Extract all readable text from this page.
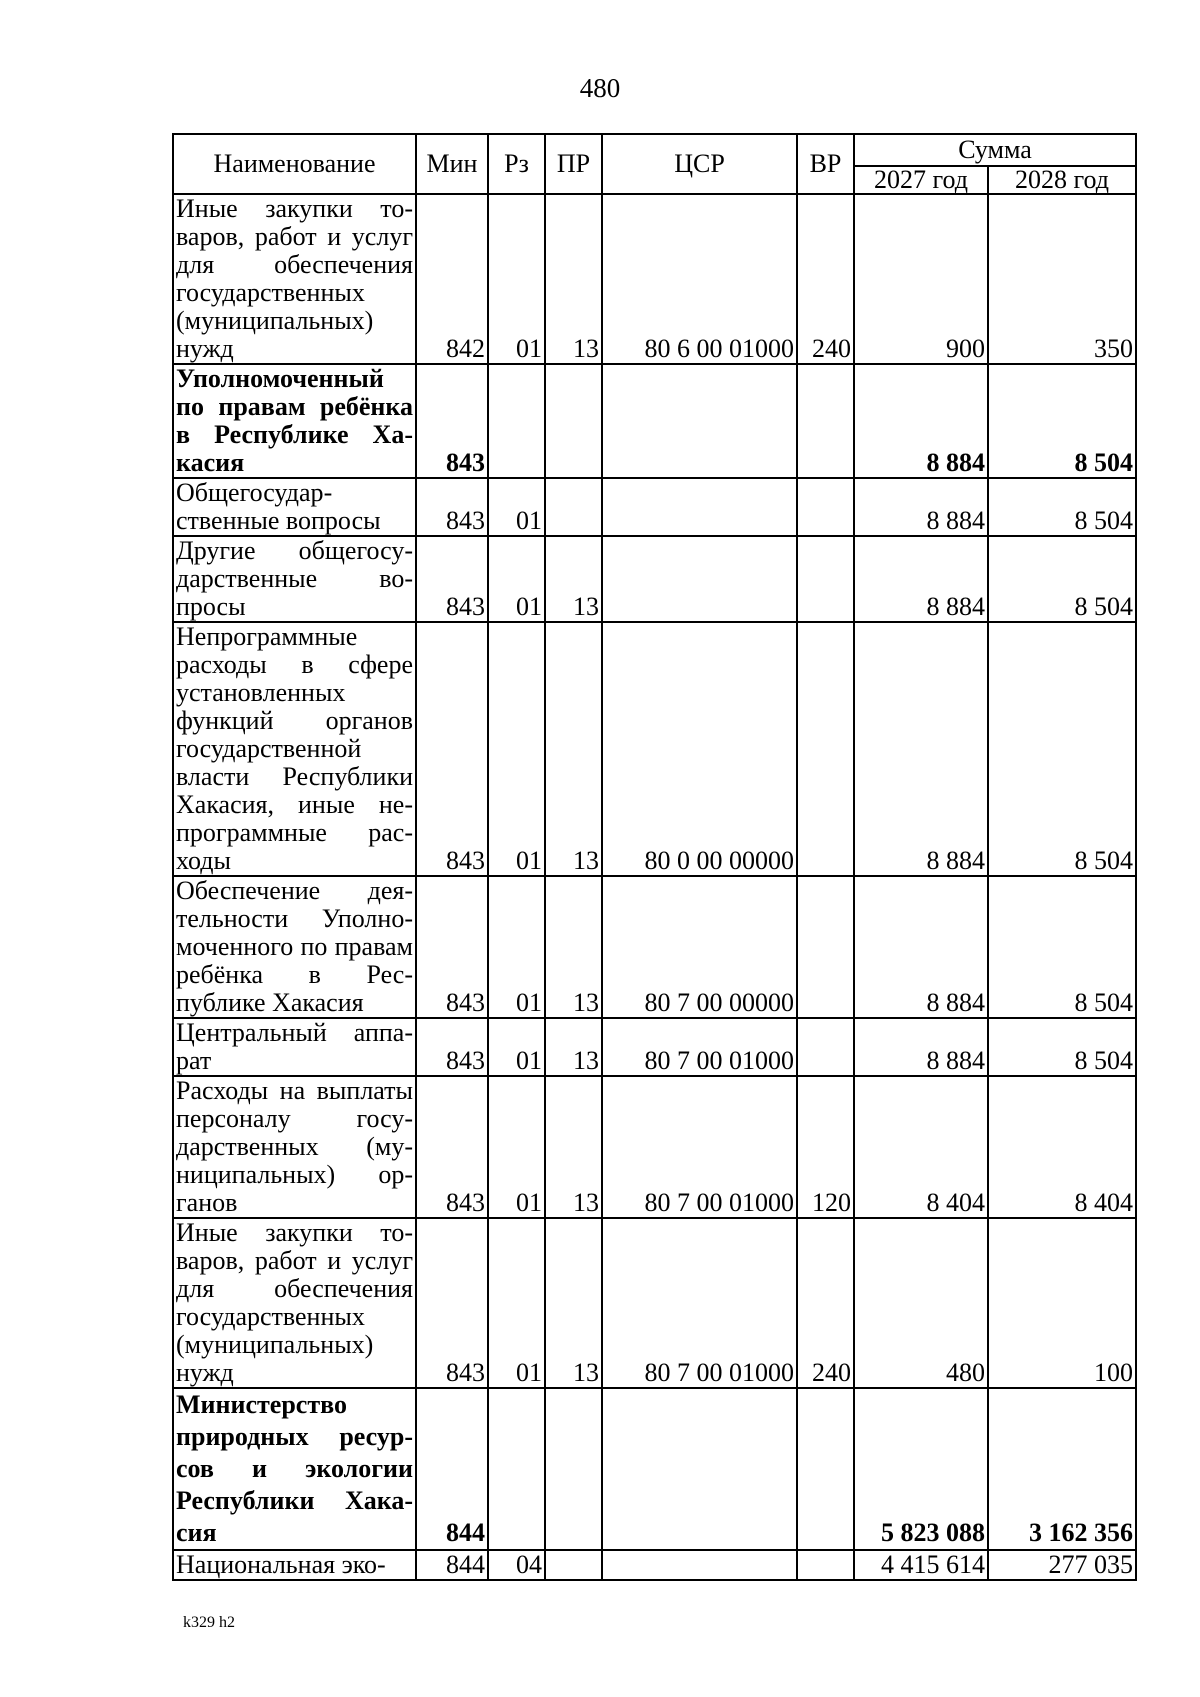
480
Наименование	Мин	Рз	ПР	ЦСР	ВР	Сумма	
						2027 год	2028 год
Иные закупки товаров, работ и услуг для обеспечения государственных (муниципальных) нужд	842	01	13	80 6 00 01000	240	900	350
Уполномоченный по правам ребёнка в Республике Хакасия	843					8 884	8 504
Общегосударственные вопросы	843	01				8 884	8 504
Другие общегосударственные вопросы	843	01	13			8 884	8 504
Непрограммные расходы в сфере установленных функций органов государственной власти Республики Хакасия, иные непрограммные расходы	843	01	13	80 0 00 00000		8 884	8 504
Обеспечение деятельности Уполномоченного по правам ребёнка в Республике Хакасия	843	01	13	80 7 00 00000		8 884	8 504
Центральный аппарат	843	01	13	80 7 00 01000		8 884	8 504
Расходы на выплаты персоналу государственных (муниципальных) органов	843	01	13	80 7 00 01000	120	8 404	8 404
Иные закупки товаров, работ и услуг для обеспечения государственных (муниципальных) нужд	843	01	13	80 7 00 01000	240	480	100
Министерство природных ресурсов и экологии Республики Хакасия	844					5 823 088	3 162 356
Национальная эко-	844	04				4 415 614	277 035
k329 h2
